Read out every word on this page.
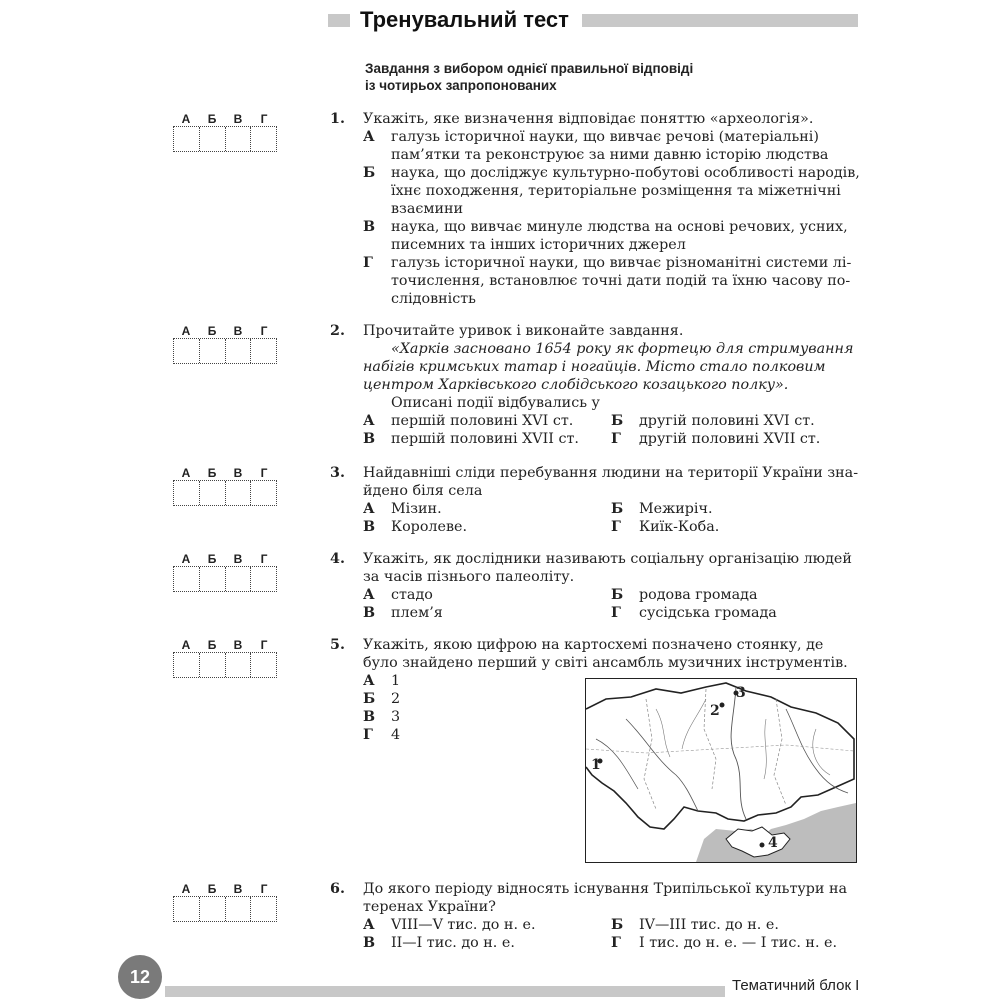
Тренувальний тест
Завдання з вибором однієї правильної відповіді
із чотирьох запропонованих
А	Б	В	Г
А	Б	В	Г
А	Б	В	Г
А	Б	В	Г
А	Б	В	Г
А	Б	В	Г
1. Укажіть, яке визначення відповідає поняттю «археологія».
А	галузь історичної науки, що вивчає речові (матеріальні) пам’ятки та реконструює за ними давню історію людства
Б	наука, що досліджує культурно-побутові особливості народів, їхнє походження, територіальне розміщення та міжетнічні взаємини
В	наука, що вивчає минуле людства на основі речових, усних, писемних та інших історичних джерел
Г	галузь історичної науки, що вивчає різноманітні системи літочислення, встановлює точні дати подій та їхню часову послідовність
2. Прочитайте уривок і виконайте завдання.
«Харків засновано 1654 року як фортецю для стримування набігів кримських татар і ногайців. Місто стало полковим центром Харківського слобідського козацького полку».
Описані події відбувались у
А	першій половині XVI ст.	Б	другій половині XVI ст.
В	першій половині XVII ст. Г	другій половині XVII ст.
3. Найдавніші сліди перебування людини на території України знайдено біля села
А	Мізин.	Б	Межиріч.
В	Королеве.	Г	Киїк-Коба.
4. Укажіть, як дослідники називають соціальну організацію людей за часів пізнього палеоліту.
А	стадо	Б	родова громада
В	плем’я	Г	сусідська громада
5. Укажіть, якою цифрою на картосхемі позначено стоянку, де було знайдено перший у світі ансамбль музичних інструментів.
А	1
Б	2
В	3
Г	4
1
2
3
4
6. До якого періоду відносять існування Трипільської культури на теренах України?
А	VIII—V тис. до н. е.	Б	IV—III тис. до н. е.
В	II—I тис. до н. е.	Г	I тис. до н. е. — I тис. н. е.
12	Тематичний блок I
